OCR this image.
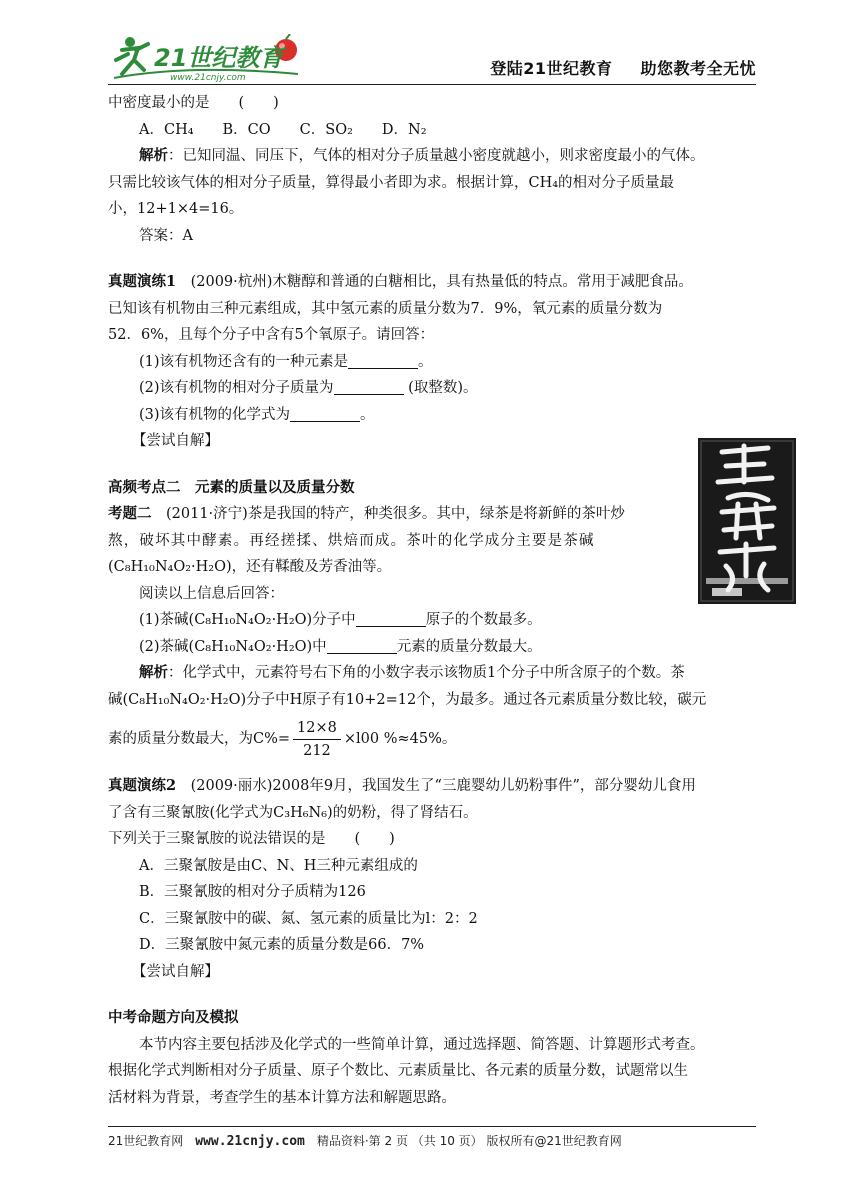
21世纪教育
www.21cnjy.com	登陆21世纪教育 助您教考全无忧

中密度最小的是　　(　　)

A．CH₄　　B．CO　　C．SO₂　　D．N₂

解析：已知同温、同压下，气体的相对分子质量越小密度就越小，则求密度最小的气体。

只需比较该气体的相对分子质量，算得最小者即为求。根据计算，CH₄的相对分子质量最

小，12+1×4=16。

答案：A

真题演练1　(2009·杭州)木糖醇和普通的白糖相比，具有热量低的特点。常用于减肥食品。

已知该有机物由三种元素组成，其中氢元素的质量分数为7．9%，氧元素的质量分数为

52．6%，且每个分子中含有5个氧原子。请回答：

(1)该有机物还含有的一种元素是	。

(2)该有机物的相对分子质量为	(取整数)。

(3)该有机物的化学式为	。

【尝试自解】

高频考点二　元素的质量以及质量分数

考题二　(2011·济宁)茶是我国的特产，种类很多。其中，绿茶是将新鲜的茶叶炒

熬，破坏其中酵素。再经搓揉、烘焙而成。茶叶的化学成分主要是茶碱

(C₈H₁₀N₄O₂·H₂O)，还有鞣酸及芳香油等。

阅读以上信息后回答：

(1)茶碱(C₈H₁₀N₄O₂·H₂O)分子中	原子的个数最多。

(2)茶碱(C₈H₁₀N₄O₂·H₂O)中	元素的质量分数最大。

解析：化学式中，元素符号右下角的小数字表示该物质1个分子中所含原子的个数。茶

碱(C₈H₁₀N₄O₂·H₂O)分子中H原子有10+2=12个，为最多。通过各元素质量分数比较，碳元

素的质量分数最大，为$C\%= \frac{12\times 8}{212} \times l00$ %≈45%。

真题演练2　(2009·丽水)2008年9月，我国发生了“三鹿婴幼儿奶粉事件”，部分婴幼儿食用

了含有三聚氰胺(化学式为C₃H₆N₆)的奶粉，得了肾结石。

下列关于三聚氰胺的说法错误的是　　(　　)

A．三聚氰胺是由C、N、H三种元素组成的

B．三聚氰胺的相对分子质精为126

C．三聚氰胺中的碳、氮、氢元素的质量比为l：2：2

D．三聚氰胺中氮元素的质量分数是66．7%

【尝试自解】

中考命题方向及模拟

本节内容主要包括涉及化学式的一些简单计算，通过选择题、简答题、计算题形式考查。

根据化学式判断相对分子质量、原子个数比、元素质量比、各元素的质量分数，试题常以生

活材料为背景，考查学生的基本计算方法和解题思路。

21世纪教育网 www.21cnjy.com 精品资料·第 2 页 （共 10 页） 版权所有@21世纪教育网
